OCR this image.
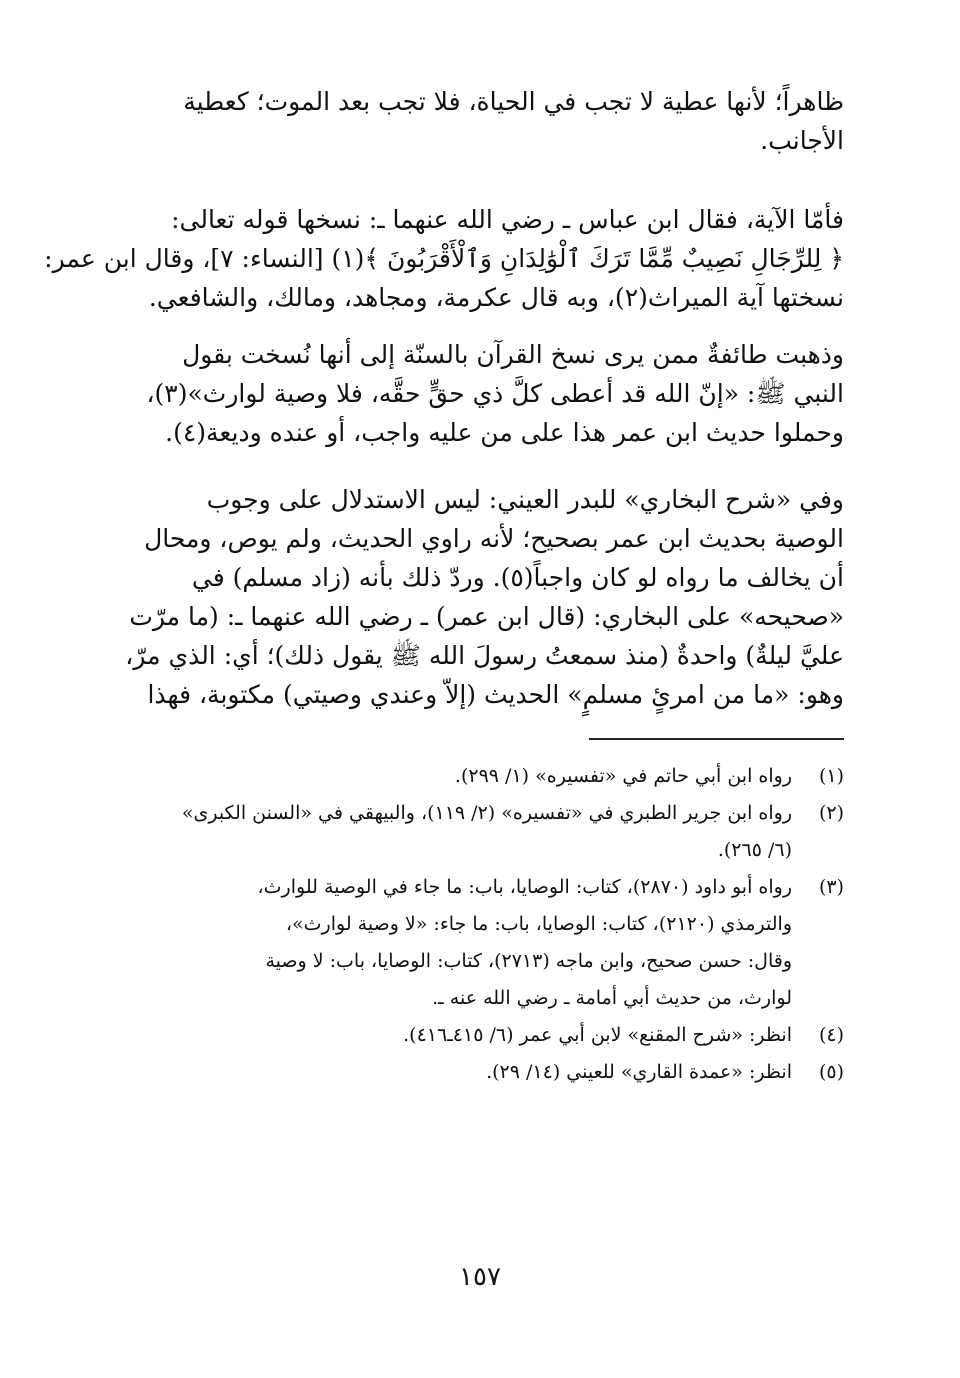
ظاهراً؛ لأنها عطية لا تجب في الحياة، فلا تجب بعد الموت؛ كعطية
الأجانب.

فأمّا الآية، فقال ابن عباس ـ رضي الله عنهما ـ: نسخها قوله تعالى:
﴿ لِلرِّجَالِ نَصِيبٌ مِّمَّا تَرَكَ ٱلْوَٰلِدَانِ وَٱلْأَقْرَبُونَ ﴾(١) [النساء: ٧]، وقال ابن عمر:
نسختها آية الميراث(٢)، وبه قال عكرمة، ومجاهد، ومالك، والشافعي.

وذهبت طائفةٌ ممن يرى نسخ القرآن بالسنّة إلى أنها نُسخت بقول
النبي ﷺ: «إنّ الله قد أعطى كلَّ ذي حقٍّ حقَّه، فلا وصية لوارث»(٣)،
وحملوا حديث ابن عمر هذا على من عليه واجب، أو عنده وديعة(٤).

وفي «شرح البخاري» للبدر العيني: ليس الاستدلال على وجوب
الوصية بحديث ابن عمر بصحيح؛ لأنه راوي الحديث، ولم يوص، ومحال
أن يخالف ما رواه لو كان واجباً(٥). وردّ ذلك بأنه (زاد مسلم) في
«صحيحه» على البخاري: (قال ابن عمر) ـ رضي الله عنهما ـ: (ما مرّت
عليَّ ليلةٌ) واحدةٌ (منذ سمعتُ رسولَ الله ﷺ يقول ذلك)؛ أي: الذي مرّ،
وهو: «ما من امرئٍ مسلمٍ» الحديث (إلاّ وعندي وصيتي) مكتوبة، فهذا

(١)
رواه ابن أبي حاتم في «تفسيره» (١/ ٢٩٩).
(٢)
رواه ابن جرير الطبري في «تفسيره» (٢/ ١١٩)، والبيهقي في «السنن الكبرى»
(٦/ ٢٦٥).
(٣)
رواه أبو داود (٢٨٧٠)، كتاب: الوصايا، باب: ما جاء في الوصية للوارث،
والترمذي (٢١٢٠)، كتاب: الوصايا، باب: ما جاء: «لا وصية لوارث»،
وقال: حسن صحيح، وابن ماجه (٢٧١٣)، كتاب: الوصايا، باب: لا وصية
لوارث، من حديث أبي أمامة ـ رضي الله عنه ـ.
(٤)
انظر: «شرح المقنع» لابن أبي عمر (٦/ ٤١٥ـ٤١٦).
(٥)
انظر: «عمدة القاري» للعيني (١٤/ ٢٩).
١٥٧
